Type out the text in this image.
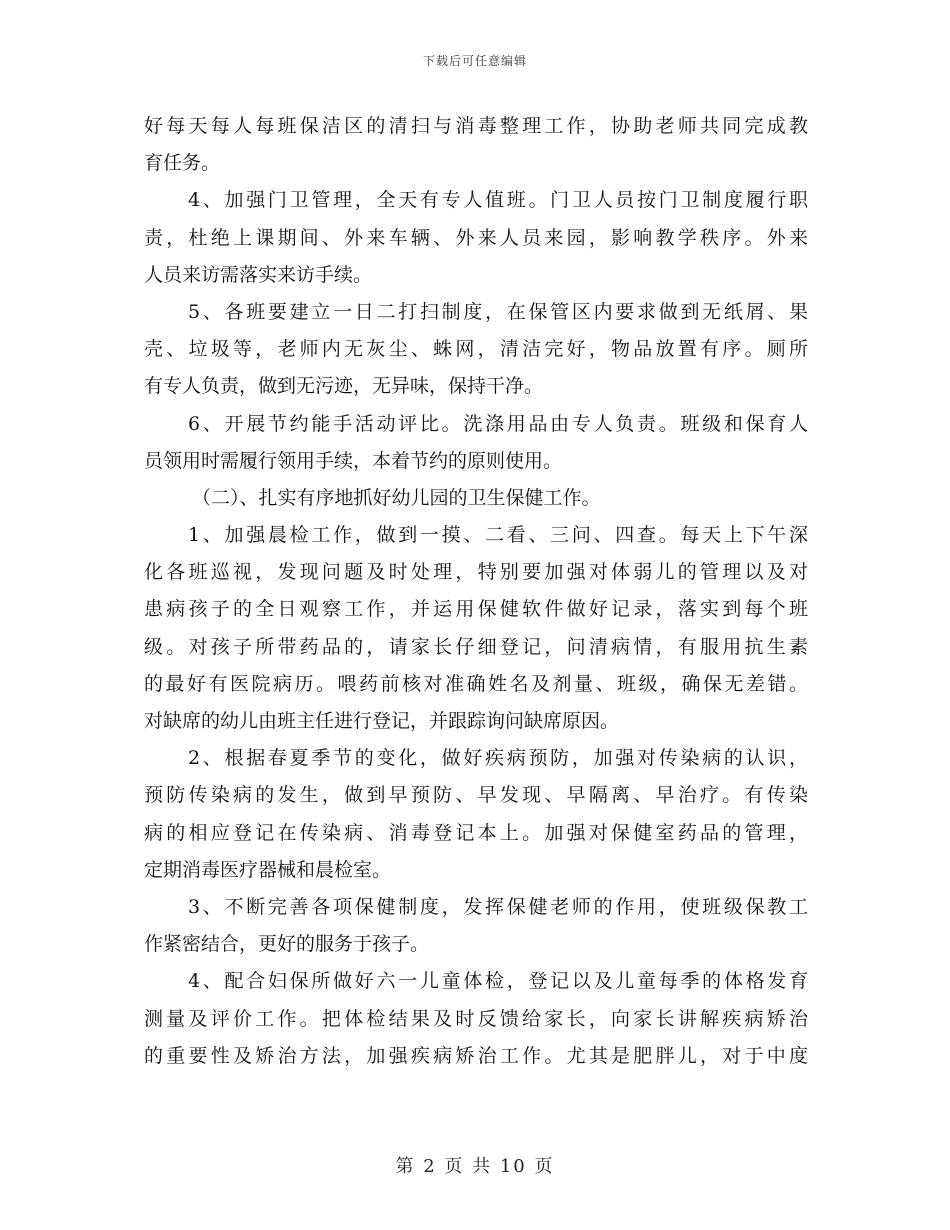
下载后可任意编辑
好每天每人每班保洁区的清扫与消毒整理工作，协助老师共同完成教
育任务。
4、加强门卫管理，全天有专人值班。门卫人员按门卫制度履行职
责，杜绝上课期间、外来车辆、外来人员来园，影响教学秩序。外来
人员来访需落实来访手续。
5、各班要建立一日二打扫制度，在保管区内要求做到无纸屑、果
壳、垃圾等，老师内无灰尘、蛛网，清洁完好，物品放置有序。厕所
有专人负责，做到无污迹，无异味，保持干净。
6、开展节约能手活动评比。洗涤用品由专人负责。班级和保育人
员领用时需履行领用手续，本着节约的原则使用。
（二）、扎实有序地抓好幼儿园的卫生保健工作。
1、加强晨检工作，做到一摸、二看、三问、四查。每天上下午深
化各班巡视，发现问题及时处理，特别要加强对体弱儿的管理以及对
患病孩子的全日观察工作，并运用保健软件做好记录，落实到每个班
级。对孩子所带药品的，请家长仔细登记，问清病情，有服用抗生素
的最好有医院病历。喂药前核对准确姓名及剂量、班级，确保无差错。
对缺席的幼儿由班主任进行登记，并跟踪询问缺席原因。
2、根据春夏季节的变化，做好疾病预防，加强对传染病的认识，
预防传染病的发生，做到早预防、早发现、早隔离、早治疗。有传染
病的相应登记在传染病、消毒登记本上。加强对保健室药品的管理，
定期消毒医疗器械和晨检室。
3、不断完善各项保健制度，发挥保健老师的作用，使班级保教工
作紧密结合，更好的服务于孩子。
4、配合妇保所做好六一儿童体检，登记以及儿童每季的体格发育
测量及评价工作。把体检结果及时反馈给家长，向家长讲解疾病矫治
的重要性及矫治方法，加强疾病矫治工作。尤其是肥胖儿，对于中度
第 2 页 共 10 页
